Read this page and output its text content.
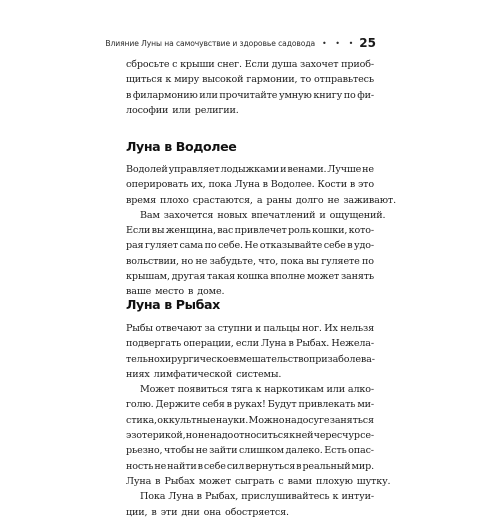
Влияние Луны на самочувствие и здоровье садовода • • • 25
сбросьте с крыши снег. Если душа захочет приоб-
щиться к миру высокой гармонии, то отправьтесь
в филармонию или прочитайте умную книгу по фи-
лософии или религии.
Луна в Водолее
Водолей управляет лодыжками и венами. Лучше не
оперировать их, пока Луна в Водолее. Кости в это
время плохо срастаются, а раны долго не заживают.
Вам захочется новых впечатлений и ощущений.
Если вы женщина, вас привлечет роль кошки, кото-
рая гуляет сама по себе. Не отказывайте себе в удо-
вольствии, но не забудьте, что, пока вы гуляете по
крышам, другая такая кошка вполне может занять
ваше место в доме.
Луна в Рыбах
Рыбы отвечают за ступни и пальцы ног. Их нельзя
подвергать операции, если Луна в Рыбах. Нежела-
тельно хирургическое вмешательство при заболева-
ниях лимфатической системы.
Может появиться тяга к наркотикам или алко-
голю. Держите себя в руках! Будут привлекать ми-
стика, оккультные науки. Можно на досуге заняться
эзотерикой, но не надо относиться к ней чересчур се-
рьезно, чтобы не зайти слишком далеко. Есть опас-
ность не найти в себе сил вернуться в реальный мир.
Луна в Рыбах может сыграть с вами плохую шутку.
Пока Луна в Рыбах, прислушивайтесь к интуи-
ции, в эти дни она обостряется.
